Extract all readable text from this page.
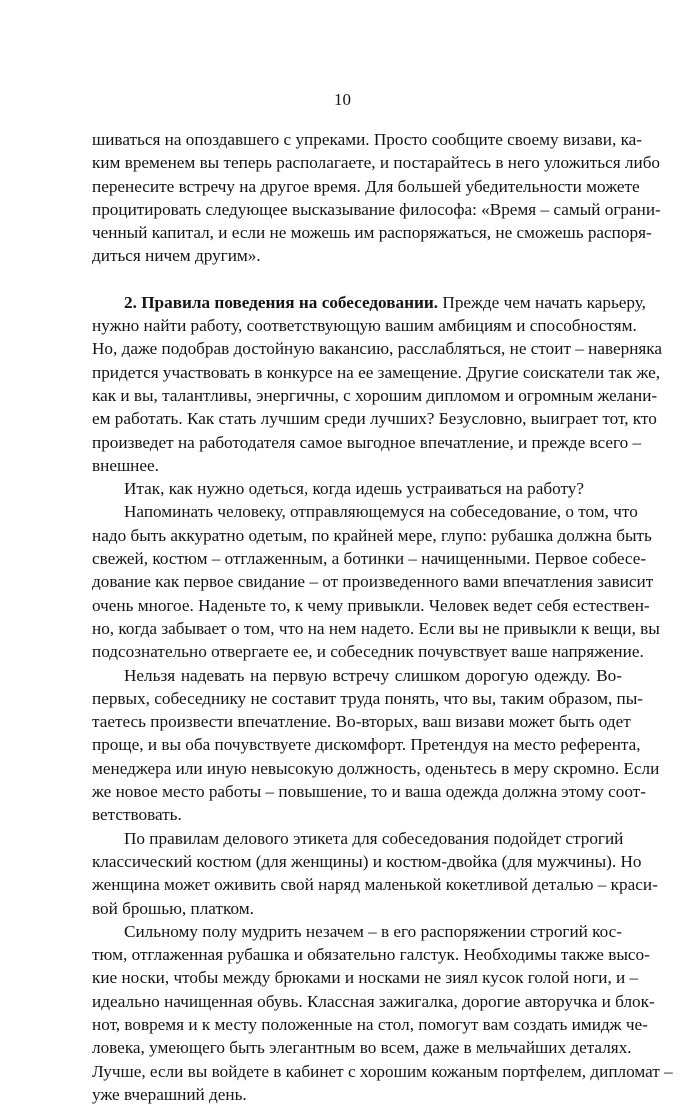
10
шиваться на опоздавшего с упреками. Просто сообщите своему визави, ка-
ким временем вы теперь располагаете, и постарайтесь в него уложиться либо
перенесите встречу на другое время. Для большей убедительности можете
процитировать следующее высказывание философа: «Время – самый ограни-
ченный капитал, и если не можешь им распоряжаться, не сможешь распоря-
диться ничем другим».
2. Правила поведения на собеседовании. Прежде чем начать карьеру,
нужно найти работу, соответствующую вашим амбициям и способностям.
Но, даже подобрав достойную вакансию, расслабляться, не стоит – наверняка
придется участвовать в конкурсе на ее замещение. Другие соискатели так же,
как и вы, талантливы, энергичны, с хорошим дипломом и огромным желани-
ем работать. Как стать лучшим среди лучших? Безусловно, выиграет тот, кто
произведет на работодателя самое выгодное впечатление, и прежде всего –
внешнее.
Итак, как нужно одеться, когда идешь устраиваться на работу?
Напоминать человеку, отправляющемуся на собеседование, о том, что
надо быть аккуратно одетым, по крайней мере, глупо: рубашка должна быть
свежей, костюм – отглаженным, а ботинки – начищенными. Первое собесе-
дование как первое свидание – от произведенного вами впечатления зависит
очень многое. Наденьте то, к чему привыкли. Человек ведет себя естествен-
но, когда забывает о том, что на нем надето. Если вы не привыкли к вещи, вы
подсознательно отвергаете ее, и собеседник почувствует ваше напряжение.
Нельзя надевать на первую встречу слишком дорогую одежду. Во-
первых, собеседнику не составит труда понять, что вы, таким образом, пы-
таетесь произвести впечатление. Во-вторых, ваш визави может быть одет
проще, и вы оба почувствуете дискомфорт. Претендуя на место референта,
менеджера или иную невысокую должность, оденьтесь в меру скромно. Если
же новое место работы – повышение, то и ваша одежда должна этому соот-
ветствовать.
По правилам делового этикета для собеседования подойдет строгий
классический костюм (для женщины) и костюм-двойка (для мужчины). Но
женщина может оживить свой наряд маленькой кокетливой деталью – краси-
вой брошью, платком.
Сильному полу мудрить незачем – в его распоряжении строгий кос-
тюм, отглаженная рубашка и обязательно галстук. Необходимы также высо-
кие носки, чтобы между брюками и носками не зиял кусок голой ноги, и –
идеально начищенная обувь. Классная зажигалка, дорогие авторучка и блок-
нот, вовремя и к месту положенные на стол, помогут вам создать имидж че-
ловека, умеющего быть элегантным во всем, даже в мельчайших деталях.
Лучше, если вы войдете в кабинет с хорошим кожаным портфелем, дипломат –
уже вчерашний день.
